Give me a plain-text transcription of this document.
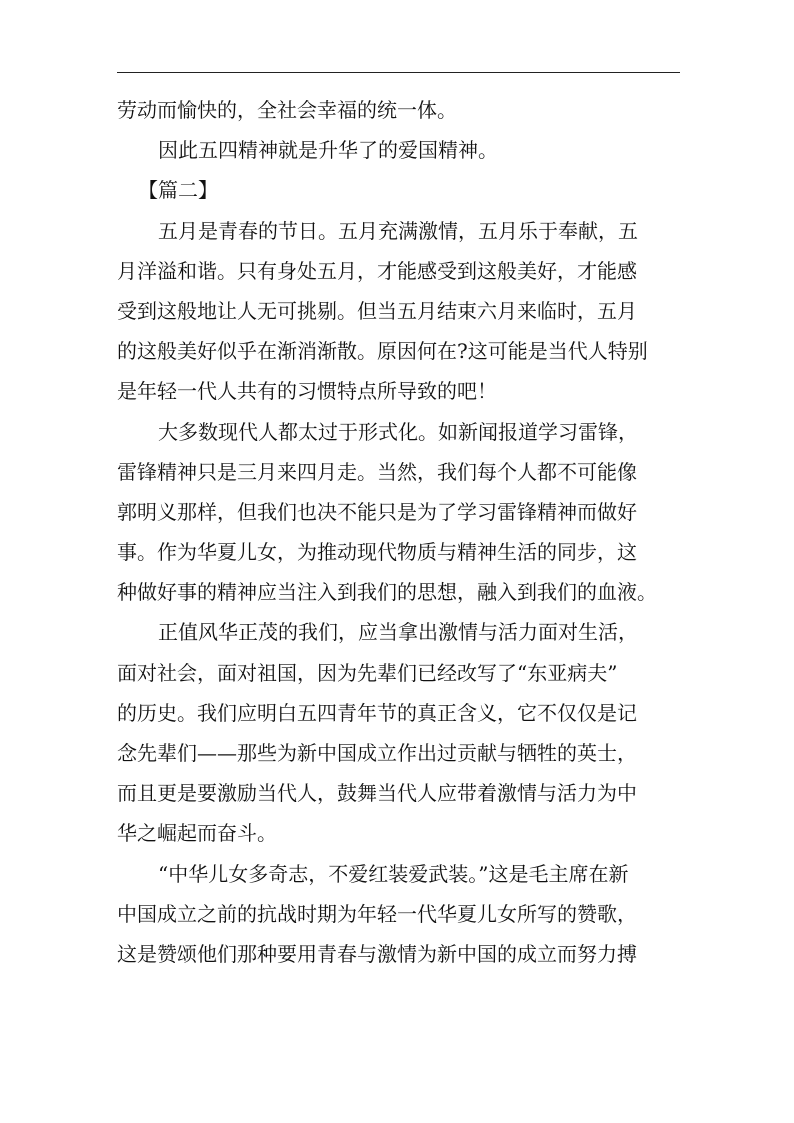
劳动而愉快的，全社会幸福的统一体。
因此五四精神就是升华了的爱国精神。
【篇二】
五月是青春的节日。五月充满激情，五月乐于奉献，五
月洋溢和谐。只有身处五月，才能感受到这般美好，才能感
受到这般地让人无可挑剔。但当五月结束六月来临时，五月
的这般美好似乎在渐消渐散。原因何在?这可能是当代人特别
是年轻一代人共有的习惯特点所导致的吧！
大多数现代人都太过于形式化。如新闻报道学习雷锋，
雷锋精神只是三月来四月走。当然，我们每个人都不可能像
郭明义那样，但我们也决不能只是为了学习雷锋精神而做好
事。作为华夏儿女，为推动现代物质与精神生活的同步，这
种做好事的精神应当注入到我们的思想，融入到我们的血液。
正值风华正茂的我们，应当拿出激情与活力面对生活，
面对社会，面对祖国，因为先辈们已经改写了“东亚病夫”
的历史。我们应明白五四青年节的真正含义，它不仅仅是记
念先辈们——那些为新中国成立作出过贡献与牺牲的英士，
而且更是要激励当代人，鼓舞当代人应带着激情与活力为中
华之崛起而奋斗。
“中华儿女多奇志，不爱红装爱武装。”这是毛主席在新
中国成立之前的抗战时期为年轻一代华夏儿女所写的赞歌，
这是赞颂他们那种要用青春与激情为新中国的成立而努力搏
